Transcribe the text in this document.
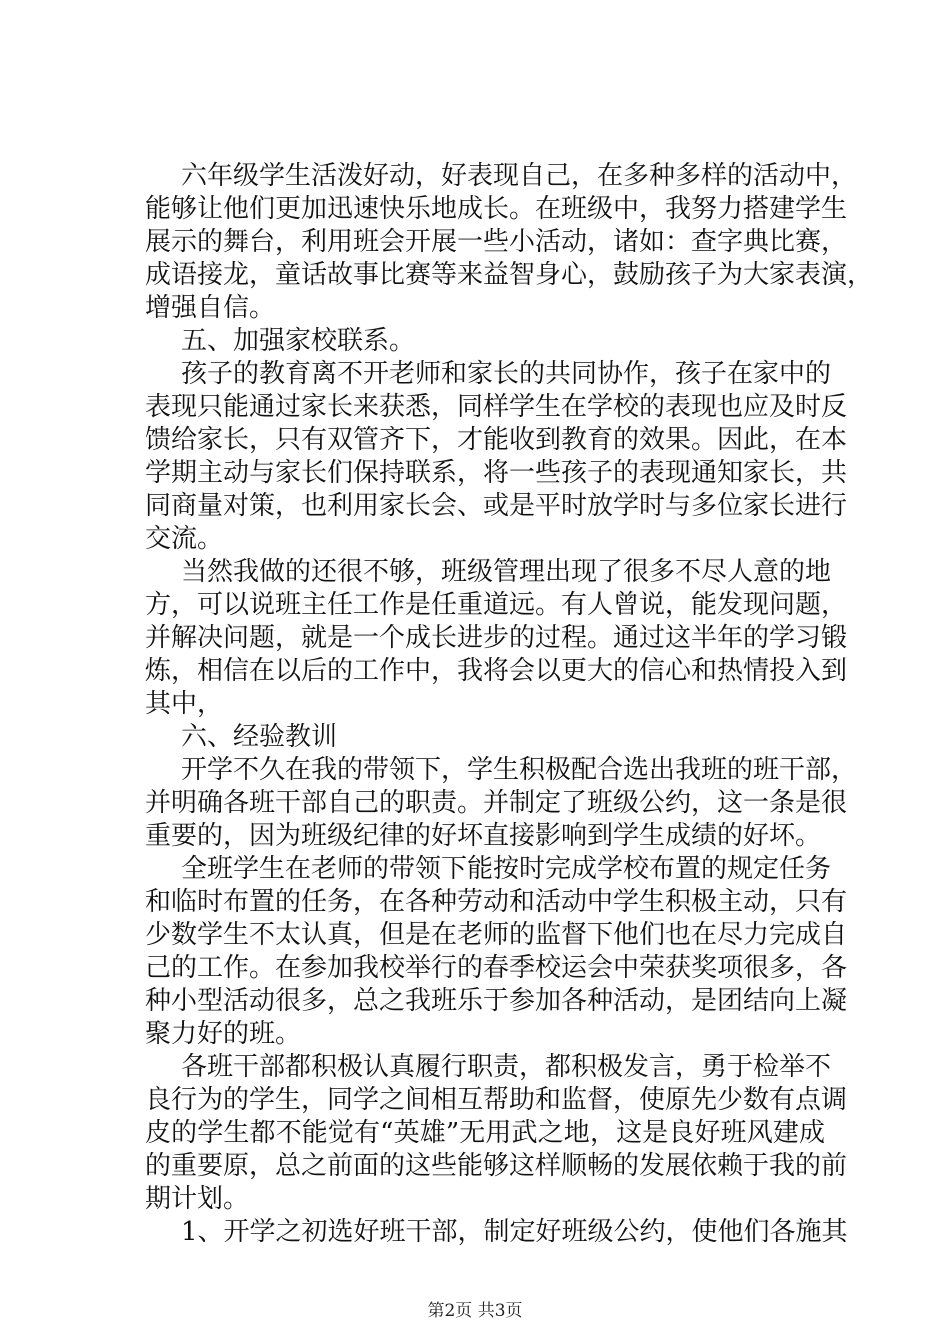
六年级学生活泼好动，好表现自己，在多种多样的活动中，
能够让他们更加迅速快乐地成长。在班级中，我努力搭建学生
展示的舞台，利用班会开展一些小活动，诸如：查字典比赛，
成语接龙，童话故事比赛等来益智身心，鼓励孩子为大家表演，
增强自信。
五、加强家校联系。
孩子的教育离不开老师和家长的共同协作，孩子在家中的
表现只能通过家长来获悉，同样学生在学校的表现也应及时反
馈给家长，只有双管齐下，才能收到教育的效果。因此，在本
学期主动与家长们保持联系，将一些孩子的表现通知家长，共
同商量对策，也利用家长会、或是平时放学时与多位家长进行
交流。
当然我做的还很不够，班级管理出现了很多不尽人意的地
方，可以说班主任工作是任重道远。有人曾说，能发现问题，
并解决问题，就是一个成长进步的过程。通过这半年的学习锻
炼，相信在以后的工作中，我将会以更大的信心和热情投入到
其中，
六、经验教训
开学不久在我的带领下，学生积极配合选出我班的班干部，
并明确各班干部自己的职责。并制定了班级公约，这一条是很
重要的，因为班级纪律的好坏直接影响到学生成绩的好坏。
全班学生在老师的带领下能按时完成学校布置的规定任务
和临时布置的任务，在各种劳动和活动中学生积极主动，只有
少数学生不太认真，但是在老师的监督下他们也在尽力完成自
己的工作。在参加我校举行的春季校运会中荣获奖项很多，各
种小型活动很多，总之我班乐于参加各种活动，是团结向上凝
聚力好的班。
各班干部都积极认真履行职责，都积极发言，勇于检举不
良行为的学生，同学之间相互帮助和监督，使原先少数有点调
皮的学生都不能觉有“英雄”无用武之地，这是良好班风建成
的重要原，总之前面的这些能够这样顺畅的发展依赖于我的前
期计划。
1、开学之初选好班干部，制定好班级公约，使他们各施其
第2页 共3页
